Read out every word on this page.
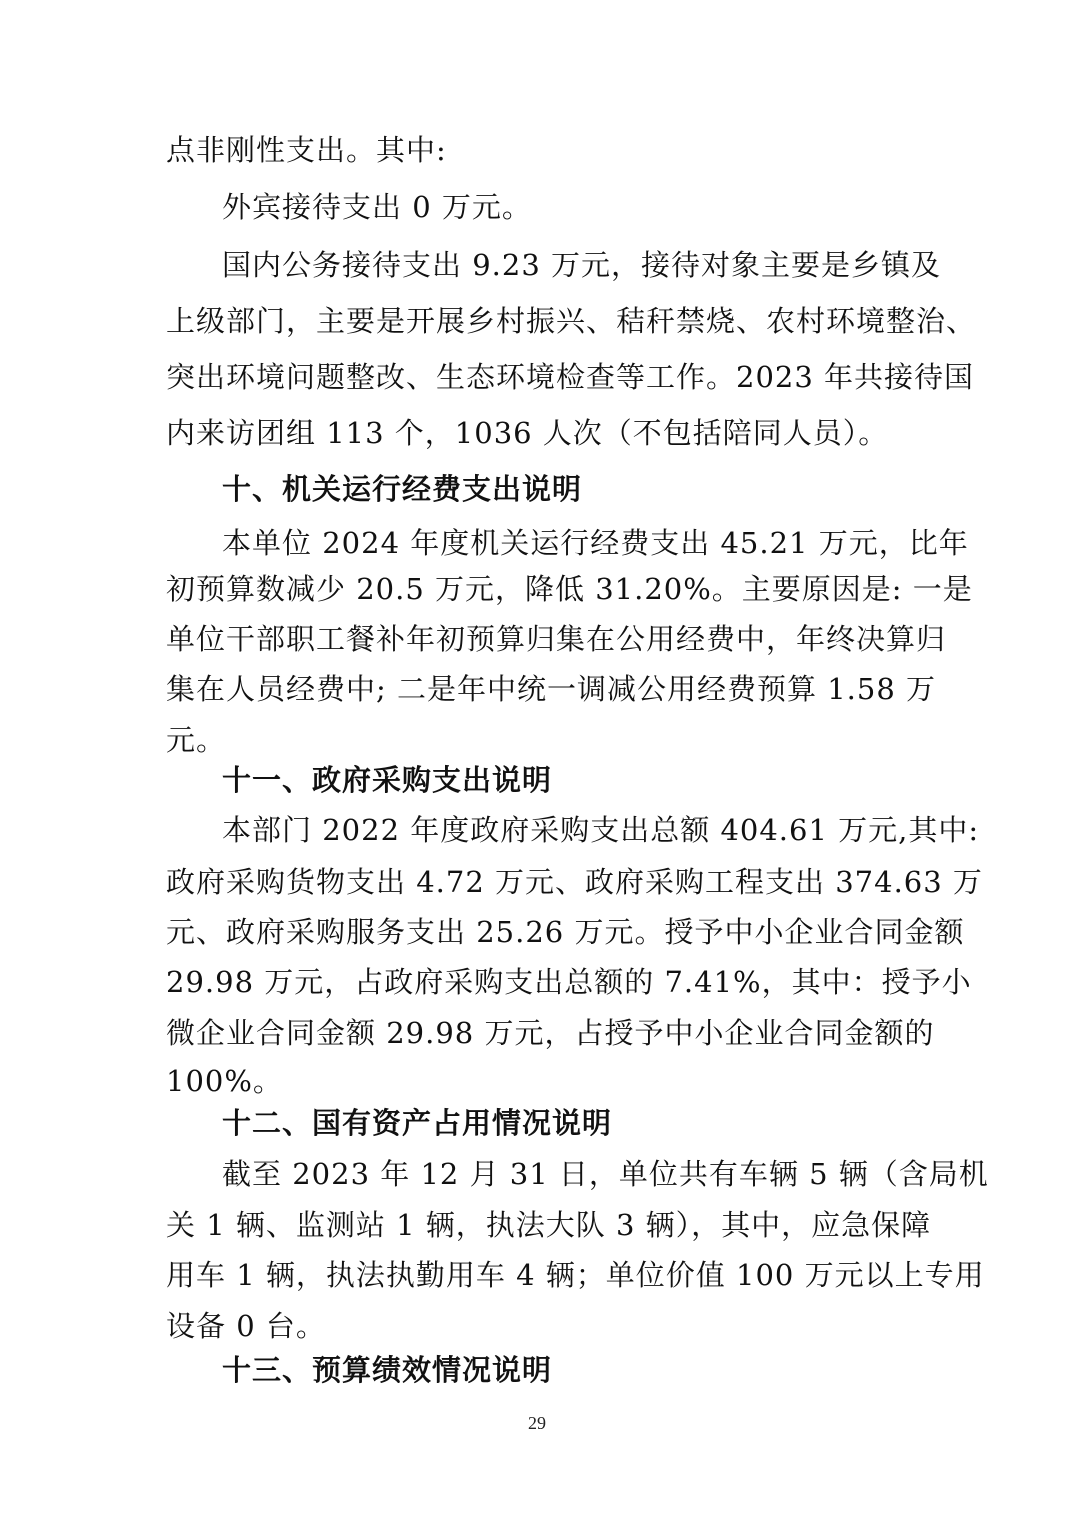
点非刚性支出。其中:
外宾接待支出 0 万元。
国内公务接待支出 9.23 万元，接待对象主要是乡镇及
上级部门，主要是开展乡村振兴、秸秆禁烧、农村环境整治、
突出环境问题整改、生态环境检查等工作。2023 年共接待国
内来访团组 113 个，1036 人次（不包括陪同人员）。
十、机关运行经费支出说明
本单位 2024 年度机关运行经费支出 45.21 万元，比年
初预算数减少 20.5 万元，降低 31.20%。主要原因是: 一是
单位干部职工餐补年初预算归集在公用经费中，年终决算归
集在人员经费中; 二是年中统一调减公用经费预算 1.58 万
元。
十一、政府采购支出说明
本部门 2022 年度政府采购支出总额 404.61 万元,其中:
政府采购货物支出 4.72 万元、政府采购工程支出 374.63 万
元、政府采购服务支出 25.26 万元。授予中小企业合同金额
29.98 万元，占政府采购支出总额的 7.41%，其中：授予小
微企业合同金额 29.98 万元，占授予中小企业合同金额的
100%。
十二、国有资产占用情况说明
截至 2023 年 12 月 31 日，单位共有车辆 5 辆（含局机
关 1 辆、监测站 1 辆，执法大队 3 辆），其中，应急保障
用车 1 辆，执法执勤用车 4 辆；单位价值 100 万元以上专用
设备 0 台。
十三、预算绩效情况说明
29
